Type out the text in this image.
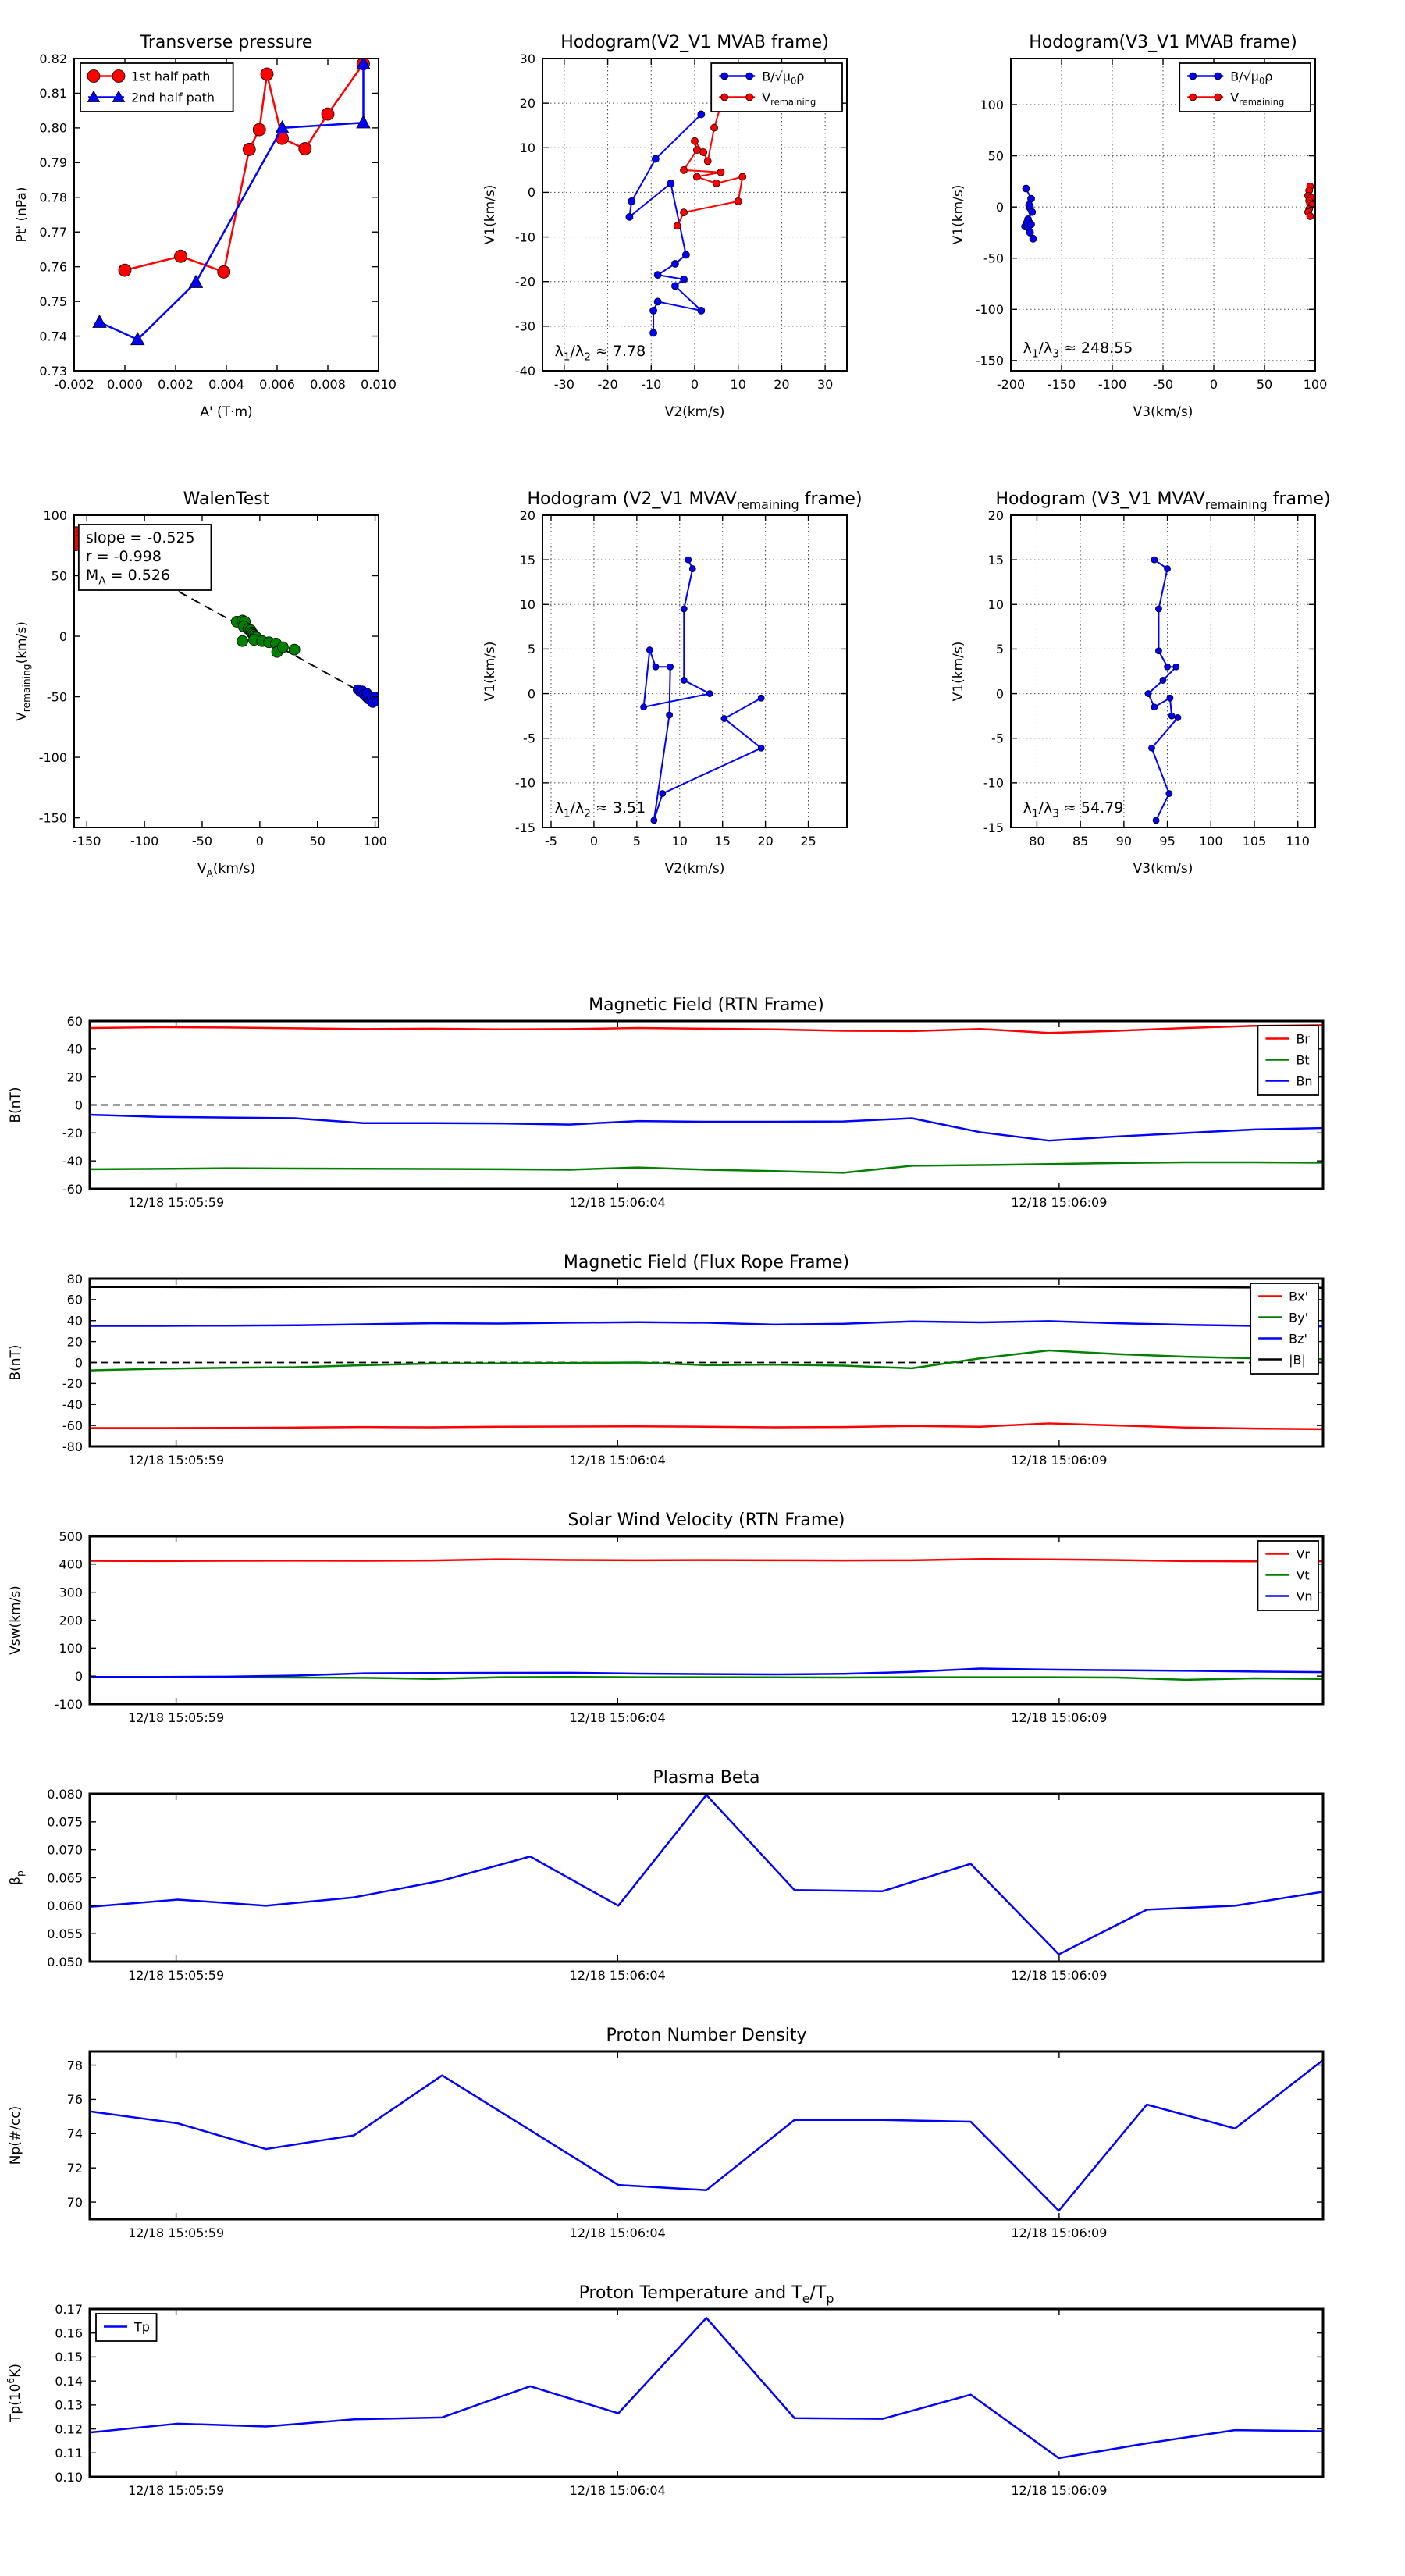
-0.002 0.000 0.002 0.004 0.006 0.008 0.010
0.73
0.74
0.75
0.76
0.77
0.78
0.79
0.80
0.81
0.82
Transverse pressure
A' (T·m)
Pt' (nPa)
1st half path
2nd half path
-30 -20 -10 0	10 20 30
-40
-30
-20
-10
0
10
20
30
Hodogram(V2_V1 MVAB frame)
V2(km/s)
V1(km/s)
$B/√\mu_0\rho$
$V_{remaining}$
$\lambda_1/\lambda_2 \approx 7.78$
-200 -150 -100 -50	0	50 100
-150
-100
-50
0
50
100
Hodogram(V3_V1 MVAB frame)
V3(km/s)
V1(km/s)
$B/√\mu_0\rho$
$V_{remaining}$
$\lambda_1/\lambda_3 \approx 248.55$
-150 -100	-50	0	50	100
-150
-100
-50
0
50
100
WalenTest
$V_A(km/s)$
$V_{remaining}(km/s)$
slope = -0.525
r = -0.998
$M_A = 0.526$
-5	0	5 10 15 20 25
-15
-10
-5
0
5
10
15
20
Hodogram (V2_V1 $MVAV_{remaining}$ frame)
V2(km/s)
V1(km/s)
$\lambda_1/\lambda_2 \approx 3.51$
80 85 90 95 100 105 110
-15
-10
-5
0
5
10
15
20
Hodogram (V3_V1 $MVAV_{remaining}$ frame)
V3(km/s)
V1(km/s)
$\lambda_1/\lambda_3 \approx 54.79$
12/18 15:05:59	12/18 15:06:04	12/18 15:06:09
-60
-40
-20
0
20
40
60
Magnetic Field (RTN Frame)
B(nT)
Br
Bt
Bn
12/18 15:05:59	12/18 15:06:04	12/18 15:06:09
-80
-60
-40
-20
0
20
40
60
80
Magnetic Field (Flux Rope Frame)
B(nT)
Bx'
By'
Bz'
|B|
12/18 15:05:59	12/18 15:06:04	12/18 15:06:09
-100
0
100
200
300
400
500
Solar Wind Velocity (RTN Frame)
Vsw(km/s)
Vr
Vt
Vn
12/18 15:05:59	12/18 15:06:04	12/18 15:06:09
0.050
0.055
0.060
0.065
0.070
0.075
0.080
Plasma Beta
$\beta_p$
12/18 15:05:59	12/18 15:06:04	12/18 15:06:09
70
72
74
76
78
Proton Number Density
Np(#/cc)
12/18 15:05:59	12/18 15:06:04	12/18 15:06:09
0.10
0.11
0.12
0.13
0.14
0.15
0.16
0.17
Proton Temperature and $T_e/T_p$
$Tp(10^6K)$
Tp
